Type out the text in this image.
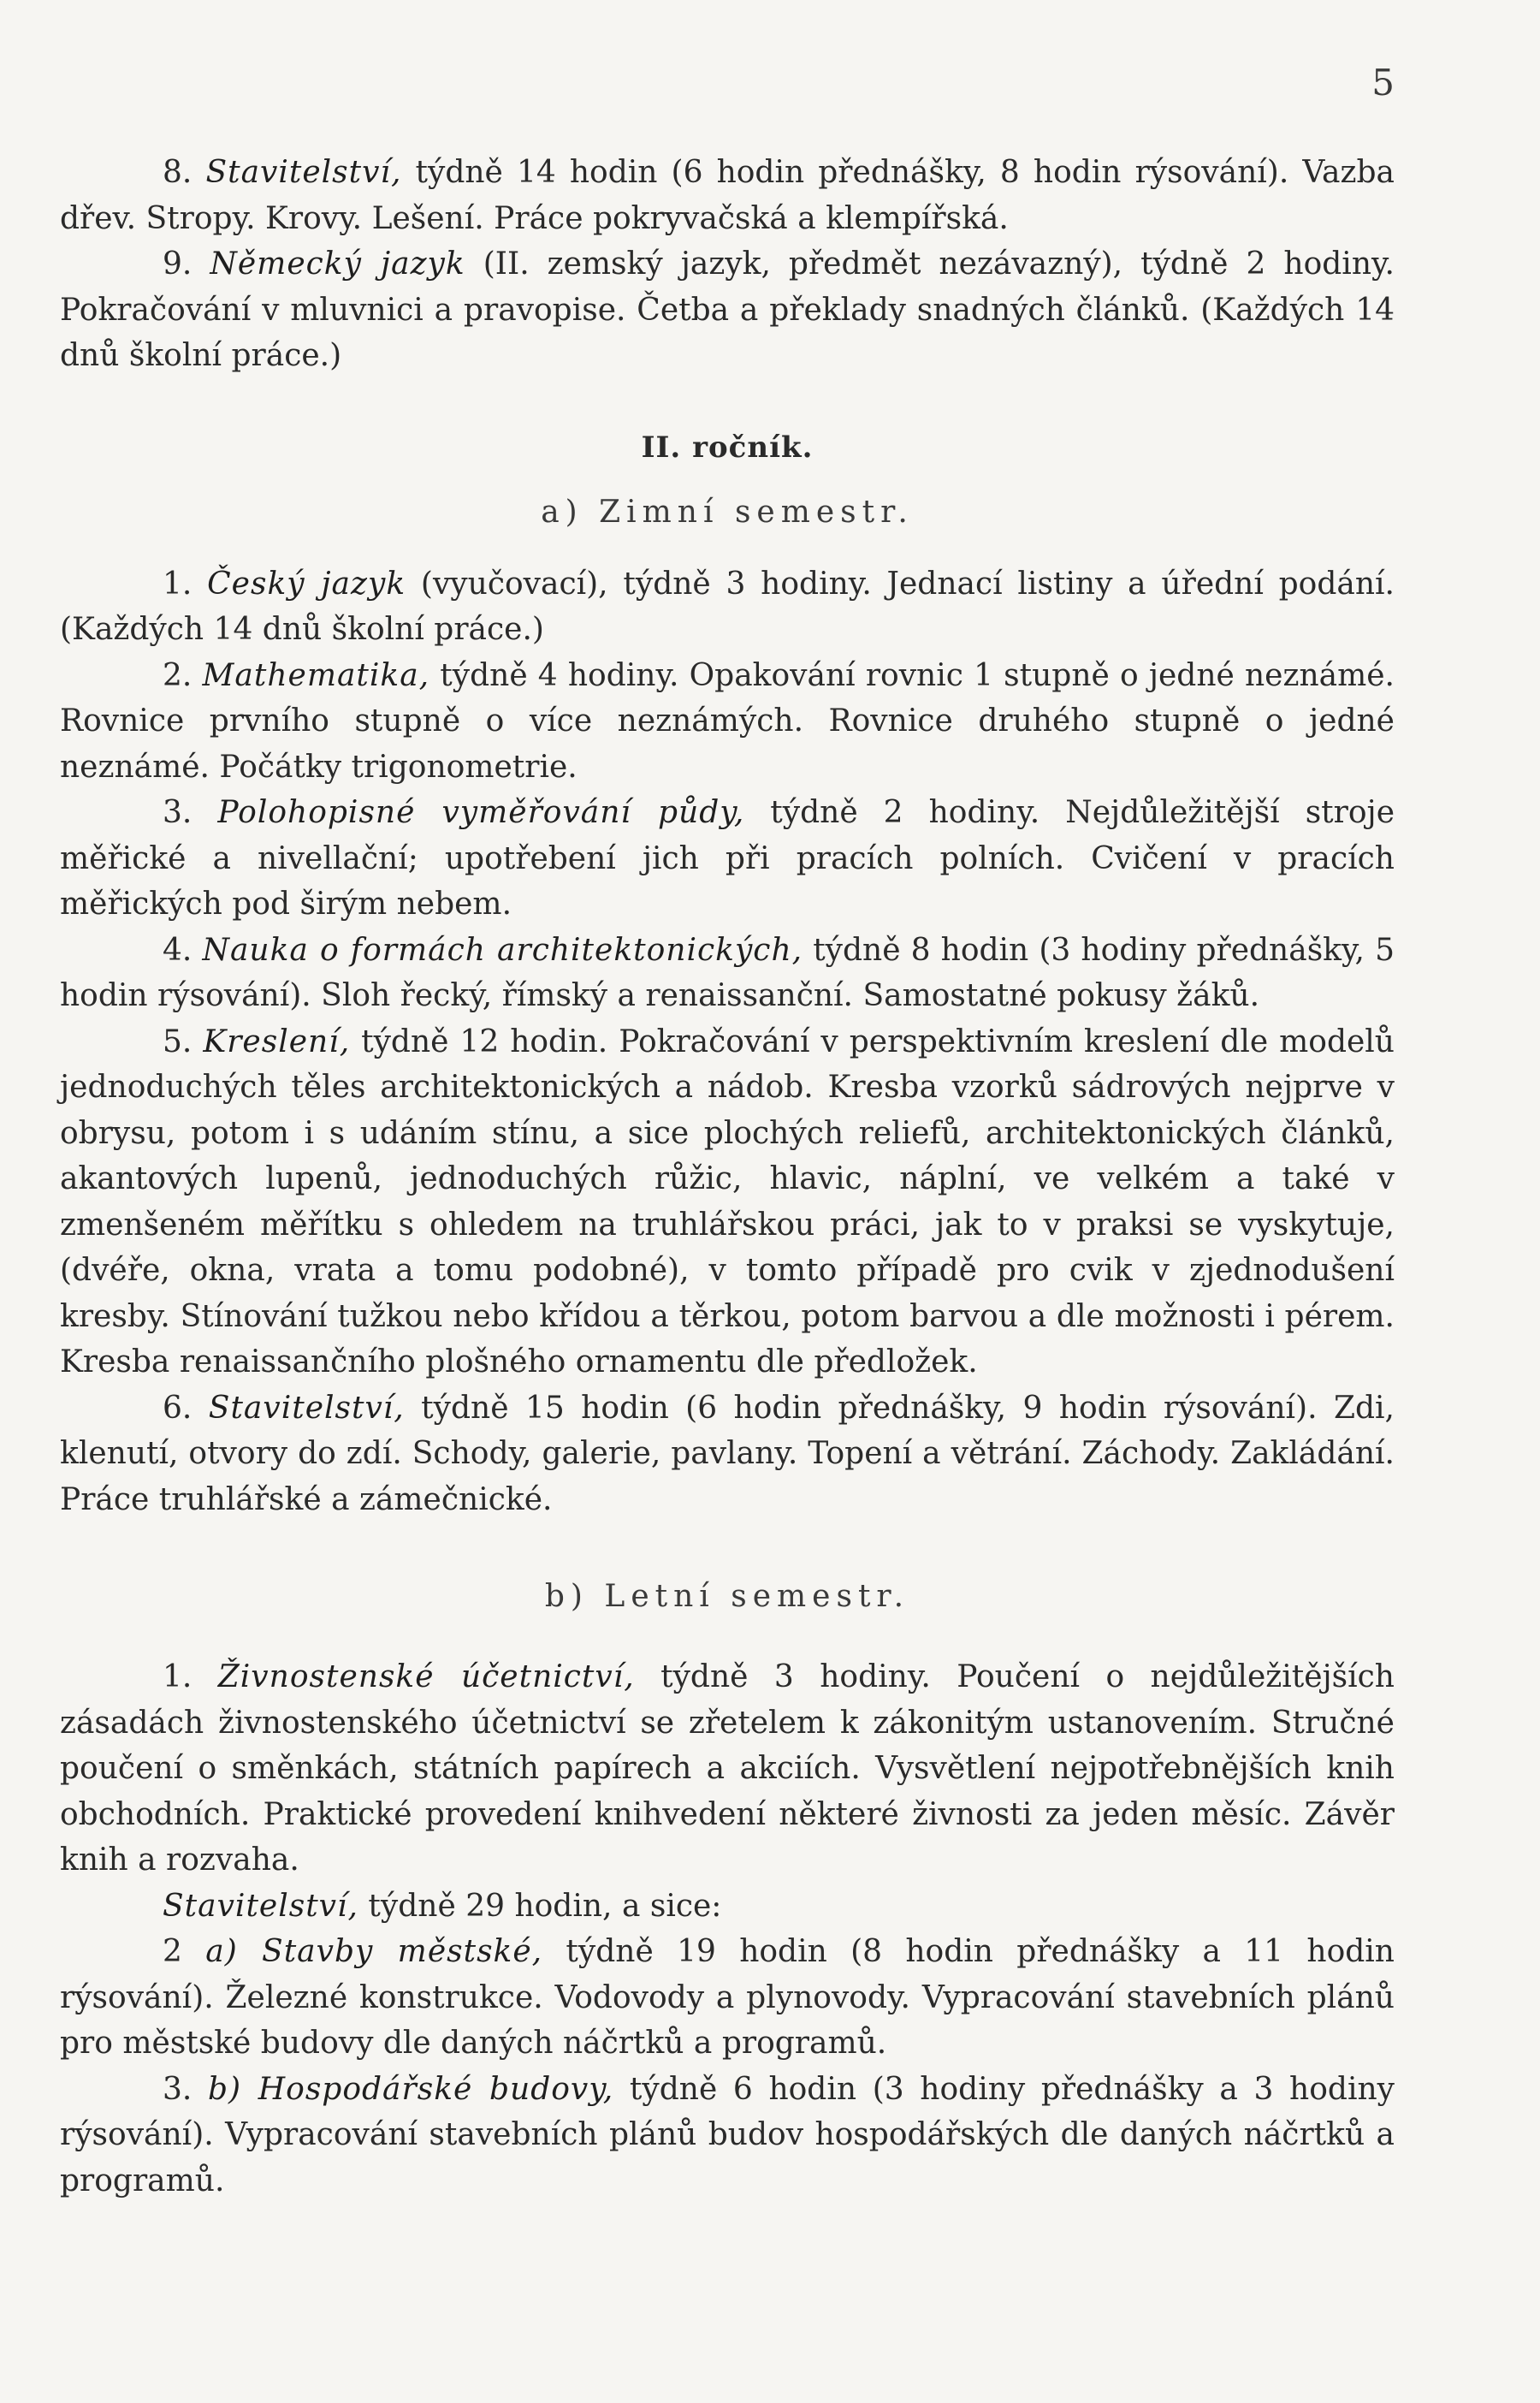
5

8. Stavitelství, týdně 14 hodin (6 hodin přednášky, 8 hodin rýsování). Vazba dřev. Stropy. Krovy. Lešení. Práce pokryvačská a klempířská.

9. Německý jazyk (II. zemský jazyk, předmět nezávazný), týdně 2 hodiny. Pokračování v mluvnici a pravopise. Četba a překlady snadných článků. (Každých 14 dnů školní práce.)

II. ročník.
a) Zimní semestr.

1. Český jazyk (vyučovací), týdně 3 hodiny. Jednací listiny a úřední podání. (Každých 14 dnů školní práce.)

2. Mathematika, týdně 4 hodiny. Opakování rovnic 1 stupně o jedné neznámé. Rovnice prvního stupně o více neznámých. Rovnice druhého stupně o jedné neznámé. Počátky trigonometrie.

3. Polohopisné vyměřování půdy, týdně 2 hodiny. Nejdůležitější stroje měřické a nivellační; upotřebení jich při pracích polních. Cvičení v pracích měřických pod širým nebem.

4. Nauka o formách architektonických, týdně 8 hodin (3 hodiny přednášky, 5 hodin rýsování). Sloh řecký, římský a renaissanční. Samostatné pokusy žáků.

5. Kreslení, týdně 12 hodin. Pokračování v perspektivním kreslení dle modelů jednoduchých těles architektonických a nádob. Kresba vzorků sádrových nejprve v obrysu, potom i s udáním stínu, a sice plochých reliefů, architektonických článků, akantových lupenů, jednoduchých růžic, hlavic, náplní, ve velkém a také v zmenšeném měřítku s ohledem na truhlářskou práci, jak to v praksi se vyskytuje, (dvéře, okna, vrata a tomu podobné), v tomto případě pro cvik v zjednodušení kresby. Stínování tužkou nebo křídou a těrkou, potom barvou a dle možnosti i pérem. Kresba renaissančního plošného ornamentu dle předložek.

6. Stavitelství, týdně 15 hodin (6 hodin přednášky, 9 hodin rýsování). Zdi, klenutí, otvory do zdí. Schody, galerie, pavlany. Topení a větrání. Záchody. Zakládání. Práce truhlářské a zámečnické.

b) Letní semestr.

1. Živnostenské účetnictví, týdně 3 hodiny. Poučení o nejdůležitějších zásadách živnostenského účetnictví se zřetelem k zákonitým ustanovením. Stručné poučení o směnkách, státních papírech a akciích. Vysvětlení nejpotřebnějších knih obchodních. Praktické provedení knihvedení některé živnosti za jeden měsíc. Závěr knih a rozvaha.

Stavitelství, týdně 29 hodin, a sice:

2 a) Stavby městské, týdně 19 hodin (8 hodin přednášky a 11 hodin rýsování). Železné konstrukce. Vodovody a plynovody. Vypracování stavebních plánů pro městské budovy dle daných náčrtků a programů.

3. b) Hospodářské budovy, týdně 6 hodin (3 hodiny přednášky a 3 hodiny rýsování). Vypracování stavebních plánů budov hospodářských dle daných náčrtků a programů.
